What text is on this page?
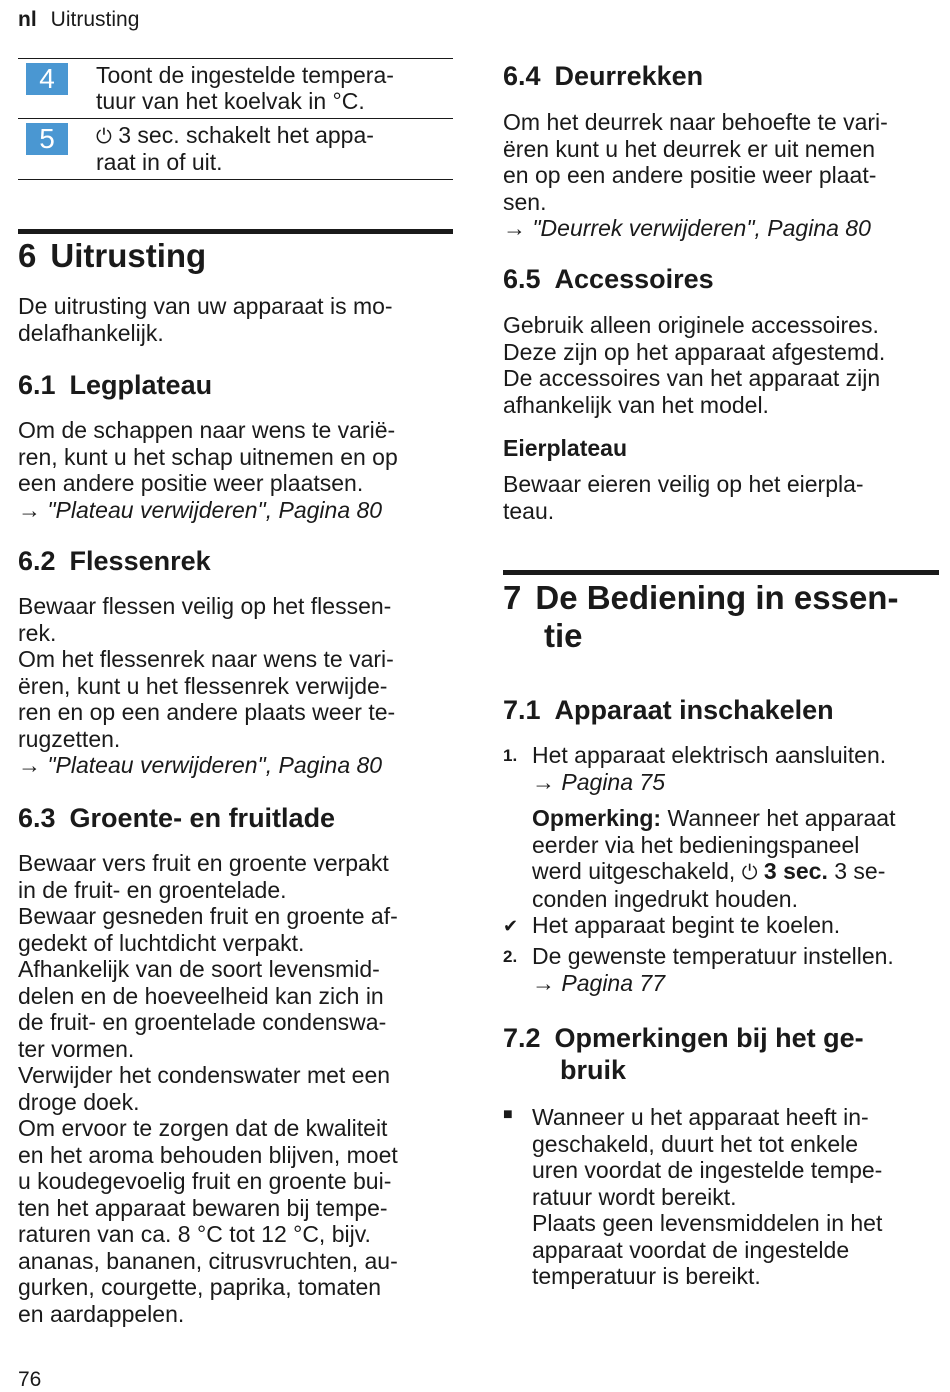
nl Uitrusting
4	Toont de ingestelde tempera-
tuur van het koelvak in °C.
5	⏻ 3 sec. schakelt het appa-
raat in of uit.
6 Uitrusting

De uitrusting van uw apparaat is mo-

delafhankelijk.

6.1 Legplateau

Om de schappen naar wens te varië-

ren, kunt u het schap uitnemen en op

een andere positie weer plaatsen.

→ "Plateau verwijderen", Pagina 80

6.2 Flessenrek

Bewaar flessen veilig op het flessen-

rek.

Om het flessenrek naar wens te vari-

ëren, kunt u het flessenrek verwijde-

ren en op een andere plaats weer te-

rugzetten.

→ "Plateau verwijderen", Pagina 80

6.3 Groente- en fruitlade

Bewaar vers fruit en groente verpakt

in de fruit- en groentelade.

Bewaar gesneden fruit en groente af-

gedekt of luchtdicht verpakt.

Afhankelijk van de soort levensmid-

delen en de hoeveelheid kan zich in

de fruit- en groentelade condenswa-

ter vormen.

Verwijder het condenswater met een

droge doek.

Om ervoor te zorgen dat de kwaliteit

en het aroma behouden blijven, moet

u koudegevoelig fruit en groente bui-

ten het apparaat bewaren bij tempe-

raturen van ca. 8 °C tot 12 °C, bijv.

ananas, bananen, citrusvruchten, au-

gurken, courgette, paprika, tomaten

en aardappelen.

6.4 Deurrekken

Om het deurrek naar behoefte te vari-

ëren kunt u het deurrek er uit nemen

en op een andere positie weer plaat-

sen.

→ "Deurrek verwijderen", Pagina 80

6.5 Accessoires

Gebruik alleen originele accessoires.

Deze zijn op het apparaat afgestemd.

De accessoires van het apparaat zijn

afhankelijk van het model.

Eierplateau

Bewaar eieren veilig op het eierpla-

teau.

7 De Bediening in essen-
tie
7.1 Apparaat inschakelen
1. Het apparaat elektrisch aansluiten.
→ Pagina 75
Opmerking: Wanneer het apparaat
eerder via het bedieningspaneel
werd uitgeschakeld, ⏻ 3 sec. 3 se-
conden ingedrukt houden.
✔ Het apparaat begint te koelen.
2. De gewenste temperatuur instellen.
→ Pagina 77
7.2 Opmerkingen bij het ge-
bruik
■ Wanneer u het apparaat heeft in-
geschakeld, duurt het tot enkele
uren voordat de ingestelde tempe-
ratuur wordt bereikt.
Plaats geen levensmiddelen in het
apparaat voordat de ingestelde
temperatuur is bereikt.
76
